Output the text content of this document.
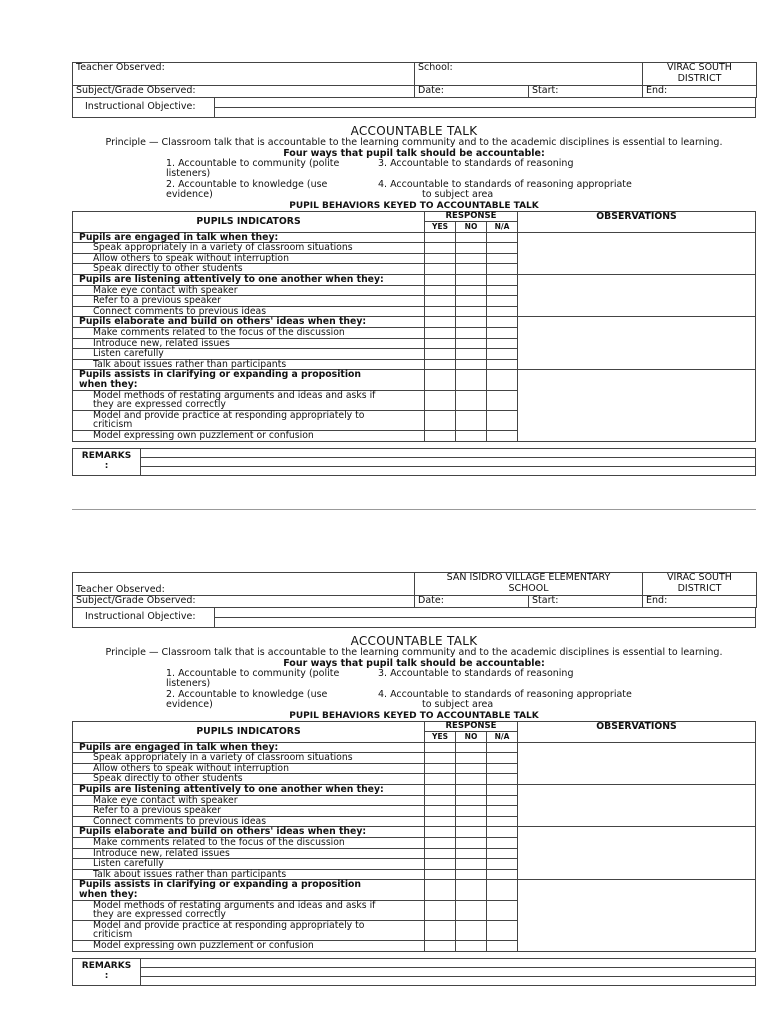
Teacher Observed:	School:		VIRAC SOUTH
DISTRICT
Subject/Grade Observed:	Date:	Start:	End:
Instructional Objective:	

ACCOUNTABLE TALK
Principle — Classroom talk that is accountable to the learning community and to the academic disciplines is essential to learning.
Four ways that pupil talk should be accountable:
1. Accountable to community (polite
listeners)
2. Accountable to knowledge (use
evidence)
3. Accountable to standards of reasoning
4. Accountable to standards of reasoning appropriate
to subject area
PUPIL BEHAVIORS KEYED TO ACCOUNTABLE TALK
PUPILS INDICATORS	RESPONSE			OBSERVATIONS
	YES	NO	N/A	
Pupils are engaged in talk when they:				
Speak appropriately in a variety of classroom situations				
Allow others to speak without interruption				
Speak directly to other students				
Pupils are listening attentively to one another when they:				
Make eye contact with speaker				
Refer to a previous speaker				
Connect comments to previous ideas				
Pupils elaborate and build on others' ideas when they:				
Make comments related to the focus of the discussion				
Introduce new, related issues				
Listen carefully				
Talk about issues rather than participants				
Pupils assists in clarifying or expanding a proposition
when they:				
Model methods of restating arguments and ideas and asks if
they are expressed correctly				
Model and provide practice at responding appropriately to
criticism				
Model expressing own puzzlement or confusion				
REMARKS
:	

Teacher Observed:	SAN ISIDRO VILLAGE ELEMENTARY
SCHOOL		VIRAC SOUTH
DISTRICT
Subject/Grade Observed:	Date:	Start:	End:
Instructional Objective:	

ACCOUNTABLE TALK
Principle — Classroom talk that is accountable to the learning community and to the academic disciplines is essential to learning.
Four ways that pupil talk should be accountable:
1. Accountable to community (polite
listeners)
2. Accountable to knowledge (use
evidence)
3. Accountable to standards of reasoning
4. Accountable to standards of reasoning appropriate
to subject area
PUPIL BEHAVIORS KEYED TO ACCOUNTABLE TALK
PUPILS INDICATORS	RESPONSE			OBSERVATIONS
	YES	NO	N/A	
Pupils are engaged in talk when they:				
Speak appropriately in a variety of classroom situations				
Allow others to speak without interruption				
Speak directly to other students				
Pupils are listening attentively to one another when they:				
Make eye contact with speaker				
Refer to a previous speaker				
Connect comments to previous ideas				
Pupils elaborate and build on others' ideas when they:				
Make comments related to the focus of the discussion				
Introduce new, related issues				
Listen carefully				
Talk about issues rather than participants				
Pupils assists in clarifying or expanding a proposition
when they:				
Model methods of restating arguments and ideas and asks if
they are expressed correctly				
Model and provide practice at responding appropriately to
criticism				
Model expressing own puzzlement or confusion				
REMARKS
:	
